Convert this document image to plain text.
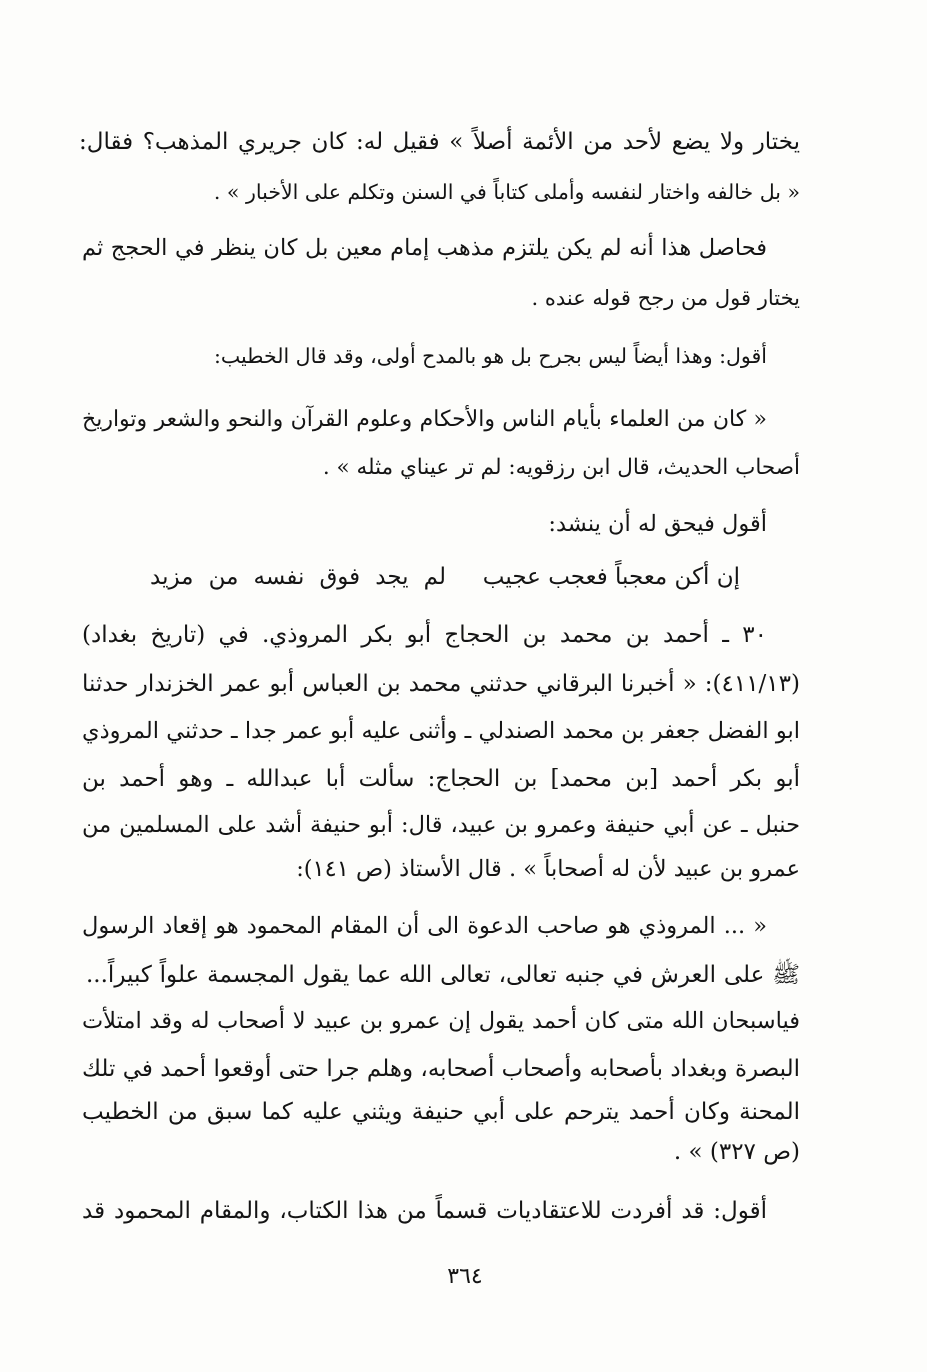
يختار ولا يضع لأحد من الأئمة أصلاً » فقيل له: كان جريري المذهب؟ فقال:
« بل خالفه واختار لنفسه وأملى كتاباً في السنن وتكلم على الأخبار » .
فحاصل هذا أنه لم يكن يلتزم مذهب إمام معين بل كان ينظر في الحجج ثم
يختار قول من رجح قوله عنده .
أقول: وهذا أيضاً ليس بجرح بل هو بالمدح أولى، وقد قال الخطيب:
« كان من العلماء بأيام الناس والأحكام وعلوم القرآن والنحو والشعر وتواريخ
أصحاب الحديث، قال ابن رزقويه: لم تر عيناي مثله » .
أقول فيحق له أن ينشد:
إن أكن معجباً فعجب عجيب
لم يجد فوق نفسه من مزيد
٣٠ ـ أحمد بن محمد بن الحجاج أبو بكر المروذي. في (تاريخ بغداد)
(٤١١/١٣): « أخبرنا البرقاني حدثني محمد بن العباس أبو عمر الخزندار حدثنا
ابو الفضل جعفر بن محمد الصندلي ـ وأثنى عليه أبو عمر جدا ـ حدثني المروذي
أبو بكر أحمد [بن محمد] بن الحجاج: سألت أبا عبدالله ـ وهو أحمد بن
حنبل ـ عن أبي حنيفة وعمرو بن عبيد، قال: أبو حنيفة أشد على المسلمين من
عمرو بن عبيد لأن له أصحاباً » . قال الأستاذ (ص ١٤١):
« ... المروذي هو صاحب الدعوة الى أن المقام المحمود هو إقعاد الرسول
ﷺ على العرش في جنبه تعالى، تعالى الله عما يقول المجسمة علواً كبيراً...
فياسبحان الله متى كان أحمد يقول إن عمرو بن عبيد لا أصحاب له وقد امتلأت
البصرة وبغداد بأصحابه وأصحاب أصحابه، وهلم جرا حتى أوقعوا أحمد في تلك
المحنة وكان أحمد يترحم على أبي حنيفة ويثني عليه كما سبق من الخطيب
(ص ٣٢٧) » .
أقول: قد أفردت للاعتقاديات قسماً من هذا الكتاب، والمقام المحمود قد
٣٦٤
